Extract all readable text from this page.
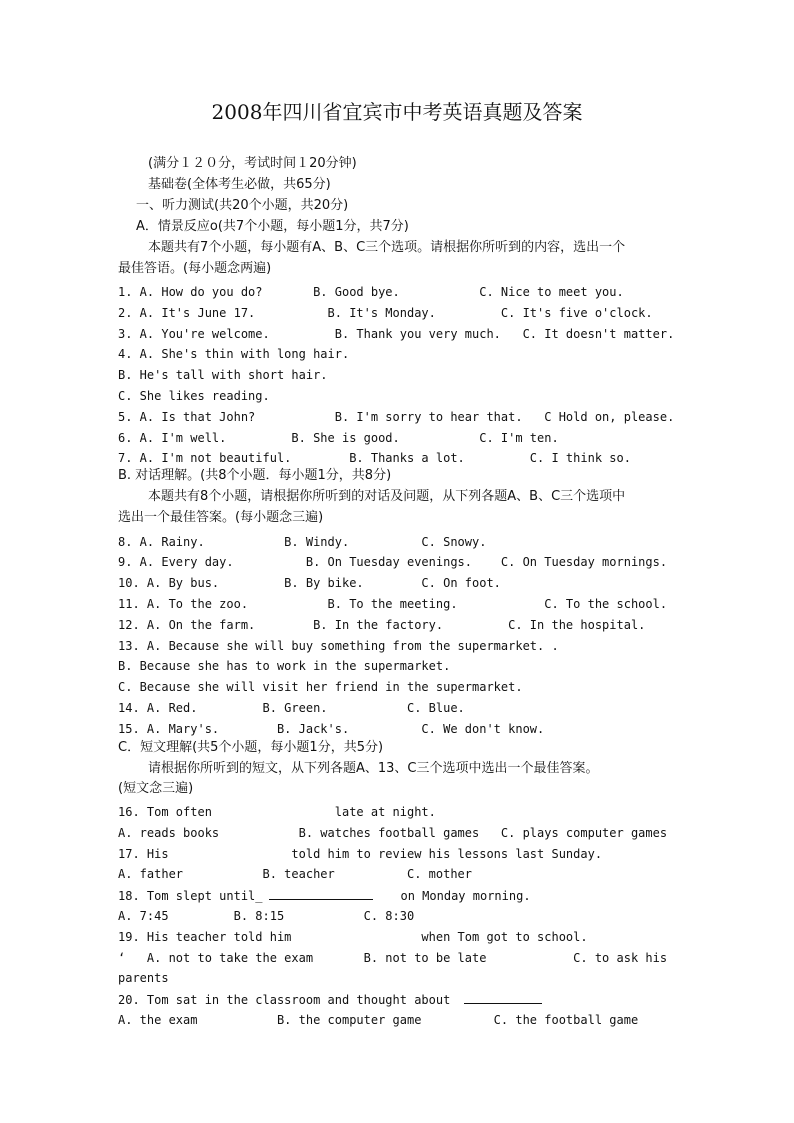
2008年四川省宜宾市中考英语真题及答案
(满分１２０分，考试时间１20分钟)
基础卷(全体考生必做，共65分)
一、听力测试(共20个小题，共20分)
A．情景反应o(共7个小题，每小题1分，共7分)
本题共有7个小题，每小题有A、B、C三个选项。请根据你所听到的内容，选出一个
最佳答语。(每小题念两遍)
1. A. How do you do?       B. Good bye.           C. Nice to meet you.
2. A. It's June 17.          B. It's Monday.         C. It's five o'clock.
3. A. You're welcome.         B. Thank you very much.   C. It doesn't matter.
4. A. She's thin with long hair.
B. He's tall with short hair.
C. She likes reading.
5. A. Is that John?           B. I'm sorry to hear that.   C Hold on, please.
6. A. I'm well.         B. She is good.           C. I'm ten.
7. A. I'm not beautiful.        B. Thanks a lot.         C. I think so.
B. 对话理解。(共8个小题．每小题1分，共8分)
本题共有8个小题，请根据你所听到的对话及问题，从下列各题A、B、C三个选项中
选出一个最佳答案。(每小题念三遍)
8. A. Rainy.           B. Windy.          C. Snowy.
9. A. Every day.          B. On Tuesday evenings.    C. On Tuesday mornings.
10. A. By bus.         B. By bike.        C. On foot.
11. A. To the zoo.           B. To the meeting.            C. To the school.
12. A. On the farm.        B. In the factory.         C. In the hospital.
13. A. Because she will buy something from the supermarket. .
B. Because she has to work in the supermarket.
C. Because she will visit her friend in the supermarket.
14. A. Red.         B. Green.           C. Blue.
15. A. Mary's.        B. Jack's.          C. We don't know.
C．短文理解(共5个小题，每小题1分，共5分)
请根据你所听到的短文，从下列各题A、13、C三个选项中选出一个最佳答案。
(短文念三遍)
16. Tom often                 late at night.
A. reads books           B. watches football games   C. plays computer games
17. His                 told him to review his lessons last Sunday.
A. father           B. teacher          C. mother
18. Tom slept until_	on Monday morning.
A. 7:45         B. 8:15           C. 8:30
19. His teacher told him                  when Tom got to school.
‘   A. not to take the exam       B. not to be late            C. to ask his
parents
20. Tom sat in the classroom and thought about
A. the exam           B. the computer game          C. the football game
